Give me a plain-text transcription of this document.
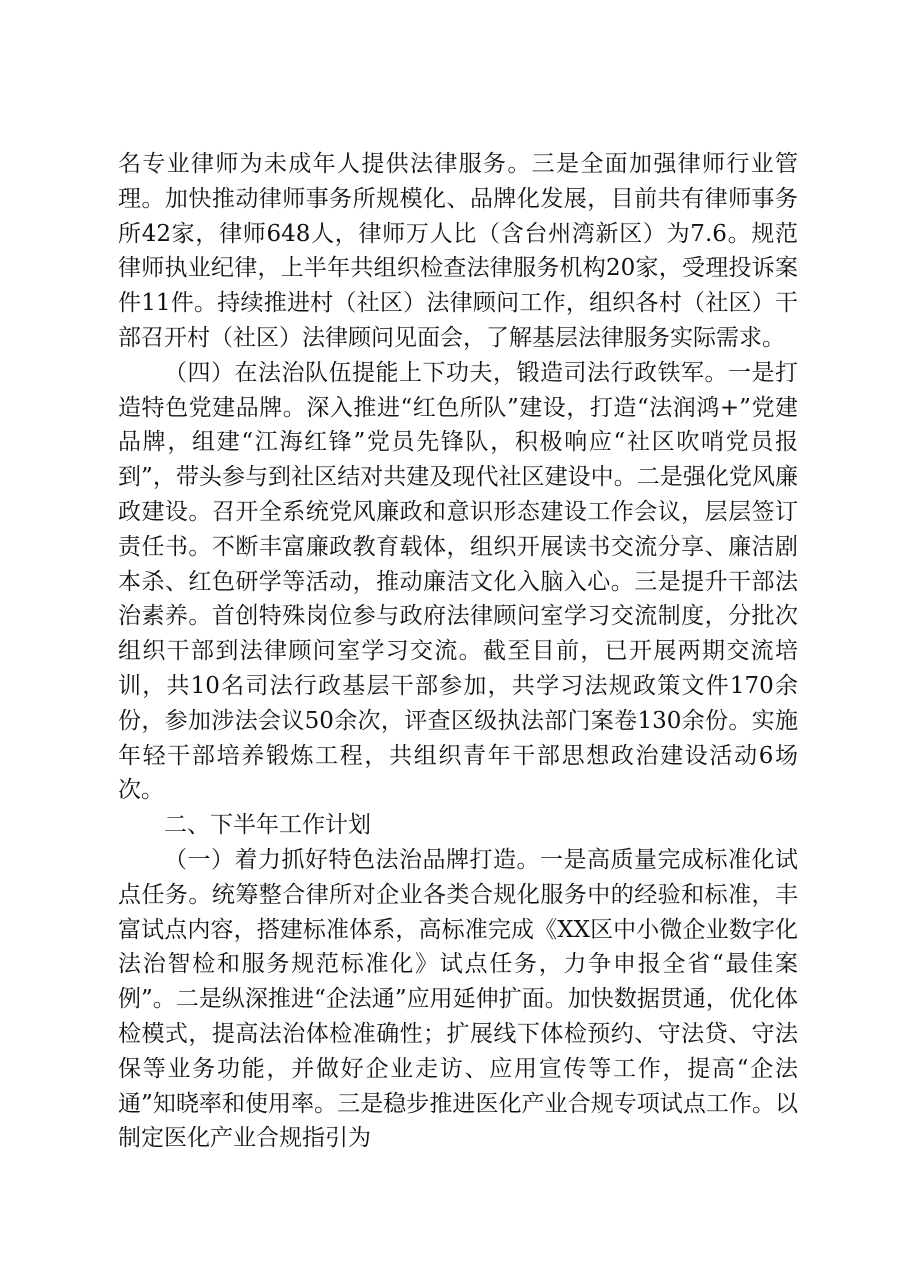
名专业律师为未成年人提供法律服务。三是全面加强律师行业管理。加快推动律师事务所规模化、品牌化发展，目前共有律师事务所42家，律师648人，律师万人比（含台州湾新区）为7.6。规范律师执业纪律，上半年共组织检查法律服务机构20家，受理投诉案件11件。持续推进村（社区）法律顾问工作，组织各村（社区）干部召开村（社区）法律顾问见面会，了解基层法律服务实际需求。

（四）在法治队伍提能上下功夫，锻造司法行政铁军。一是打造特色党建品牌。深入推进“红色所队”建设，打造“法润鸿+”党建品牌，组建“江海红锋”党员先锋队，积极响应“社区吹哨党员报到”，带头参与到社区结对共建及现代社区建设中。二是强化党风廉政建设。召开全系统党风廉政和意识形态建设工作会议，层层签订责任书。不断丰富廉政教育载体，组织开展读书交流分享、廉洁剧本杀、红色研学等活动，推动廉洁文化入脑入心。三是提升干部法治素养。首创特殊岗位参与政府法律顾问室学习交流制度，分批次组织干部到法律顾问室学习交流。截至目前，已开展两期交流培训，共10名司法行政基层干部参加，共学习法规政策文件170余份，参加涉法会议50余次，评查区级执法部门案卷130余份。实施年轻干部培养锻炼工程，共组织青年干部思想政治建设活动6场次。

二、下半年工作计划

（一）着力抓好特色法治品牌打造。一是高质量完成标准化试点任务。统筹整合律所对企业各类合规化服务中的经验和标准，丰富试点内容，搭建标准体系，高标准完成《XX区中小微企业数字化法治智检和服务规范标准化》试点任务，力争申报全省“最佳案例”。二是纵深推进“企法通”应用延伸扩面。加快数据贯通，优化体检模式，提高法治体检准确性；扩展线下体检预约、守法贷、守法保等业务功能，并做好企业走访、应用宣传等工作，提高“企法通”知晓率和使用率。三是稳步推进医化产业合规专项试点工作。以制定医化产业合规指引为
